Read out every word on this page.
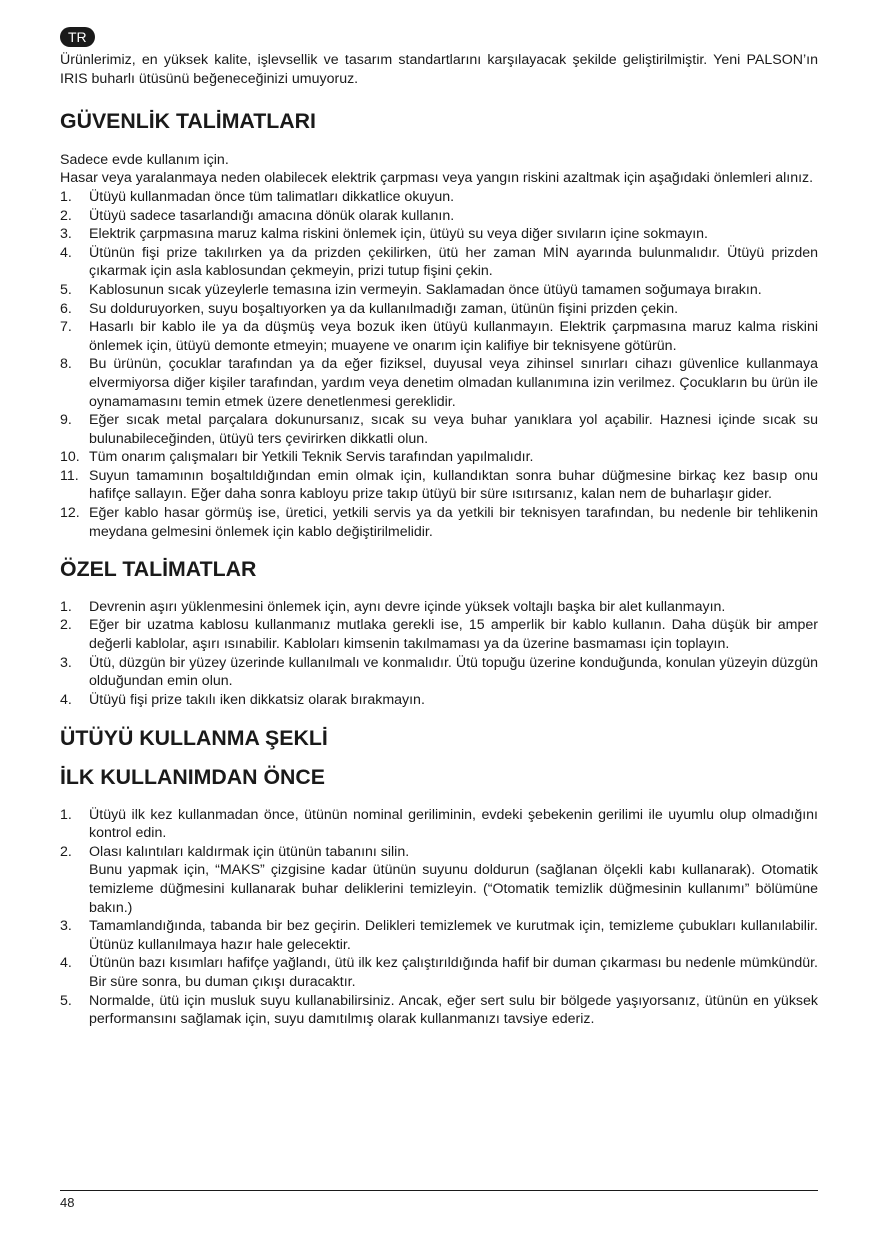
TR

Ürünlerimiz, en yüksek kalite, işlevsellik ve tasarım standartlarını karşılayacak şekilde geliştirilmiştir. Yeni PALSON’ın IRIS buharlı ütüsünü beğeneceğinizi umuyoruz.

GÜVENLİK TALİMATLARI

Sadece evde kullanım için.

Hasar veya yaralanmaya neden olabilecek elektrik çarpması veya yangın riskini azaltmak için aşağıdaki önlemleri alınız.

1. Ütüyü kullanmadan önce tüm talimatları dikkatlice okuyun.
2. Ütüyü sadece tasarlandığı amacına dönük olarak kullanın.
3. Elektrik çarpmasına maruz kalma riskini önlemek için, ütüyü su veya diğer sıvıların içine sokmayın.
4. Ütünün fişi prize takılırken ya da prizden çekilirken, ütü her zaman MİN ayarında bulunmalıdır. Ütüyü prizden çıkarmak için asla kablosundan çekmeyin, prizi tutup fişini çekin.
5. Kablosunun sıcak yüzeylerle temasına izin vermeyin. Saklamadan önce ütüyü tamamen soğumaya bırakın.
6. Su dolduruyorken, suyu boşaltıyorken ya da kullanılmadığı zaman, ütünün fişini prizden çekin.
7. Hasarlı bir kablo ile ya da düşmüş veya bozuk iken ütüyü kullanmayın. Elektrik çarpmasına maruz kalma riskini önlemek için, ütüyü demonte etmeyin; muayene ve onarım için kalifiye bir teknisyene götürün.
8. Bu ürünün, çocuklar tarafından ya da eğer fiziksel, duyusal veya zihinsel sınırları cihazı güvenlice kullanmaya elvermiyorsa diğer kişiler tarafından, yardım veya denetim olmadan kullanımına izin verilmez. Çocukların bu ürün ile oynamamasını temin etmek üzere denetlenmesi gereklidir.
9. Eğer sıcak metal parçalara dokunursanız, sıcak su veya buhar yanıklara yol açabilir. Haznesi içinde sıcak su bulunabileceğinden, ütüyü ters çevirirken dikkatli olun.
10. Tüm onarım çalışmaları bir Yetkili Teknik Servis tarafından yapılmalıdır.
11. Suyun tamamının boşaltıldığından emin olmak için, kullandıktan sonra buhar düğmesine birkaç kez basıp onu hafifçe sallayın. Eğer daha sonra kabloyu prize takıp ütüyü bir süre ısıtırsanız, kalan nem de buharlaşır gider.
12. Eğer kablo hasar görmüş ise, üretici, yetkili servis ya da yetkili bir teknisyen tarafından, bu nedenle bir tehlikenin meydana gelmesini önlemek için kablo değiştirilmelidir.
ÖZEL TALİMATLAR
1. Devrenin aşırı yüklenmesini önlemek için, aynı devre içinde yüksek voltajlı başka bir alet kullanmayın.
2. Eğer bir uzatma kablosu kullanmanız mutlaka gerekli ise, 15 amperlik bir kablo kullanın. Daha düşük bir amper değerli kablolar, aşırı ısınabilir. Kabloları kimsenin takılmaması ya da üzerine basmaması için toplayın.
3. Ütü, düzgün bir yüzey üzerinde kullanılmalı ve konmalıdır. Ütü topuğu üzerine konduğunda, konulan yüzeyin düzgün olduğundan emin olun.
4. Ütüyü fişi prize takılı iken dikkatsiz olarak bırakmayın.
ÜTÜYÜ KULLANMA ŞEKLİ
İLK KULLANIMDAN ÖNCE
1. Ütüyü ilk kez kullanmadan önce, ütünün nominal geriliminin, evdeki şebekenin gerilimi ile uyumlu olup olmadığını kontrol edin.
2. Olası kalıntıları kaldırmak için ütünün tabanını silin.
Bunu yapmak için, “MAKS” çizgisine kadar ütünün suyunu doldurun (sağlanan ölçekli kabı kullanarak). Otomatik temizleme düğmesini kullanarak buhar deliklerini temizleyin. (“Otomatik temizlik düğmesinin kullanımı” bölümüne bakın.)
3. Tamamlandığında, tabanda bir bez geçirin. Delikleri temizlemek ve kurutmak için, temizleme çubukları kullanılabilir. Ütünüz kullanılmaya hazır hale gelecektir.
4. Ütünün bazı kısımları hafifçe yağlandı, ütü ilk kez çalıştırıldığında hafif bir duman çıkarması bu nedenle mümkündür. Bir süre sonra, bu duman çıkışı duracaktır.
5. Normalde, ütü için musluk suyu kullanabilirsiniz. Ancak, eğer sert sulu bir bölgede yaşıyorsanız, ütünün en yüksek performansını sağlamak için, suyu damıtılmış olarak kullanmanızı tavsiye ederiz.
48
